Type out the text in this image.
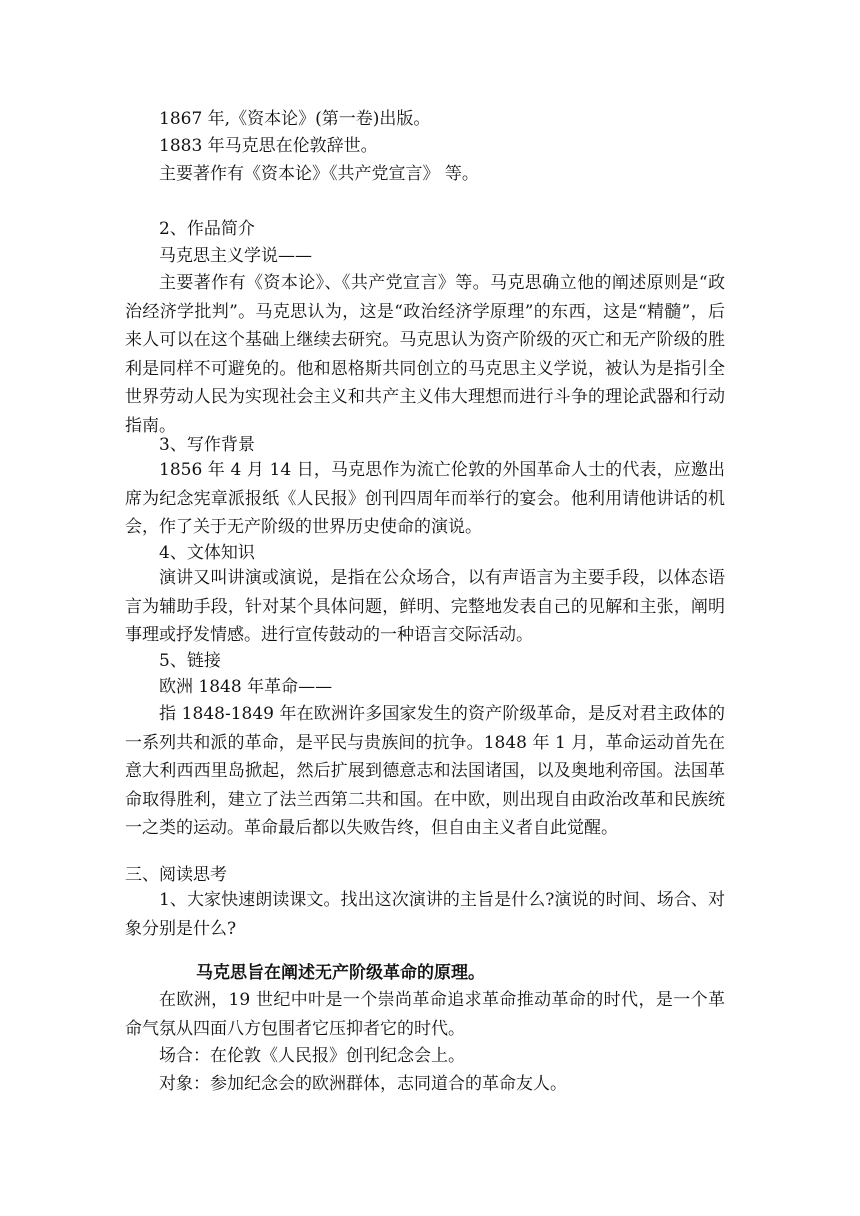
1867 年,《资本论》(第一卷)出版。
1883 年马克思在伦敦辞世。
主要著作有《资本论》《共产党宣言》 等。
2、作品简介
马克思主义学说——
主要著作有《资本论》、《共产党宣言》等。马克思确立他的阐述原则是“政治经济学批判”。马克思认为，这是“政治经济学原理”的东西，这是“精髓”，后来人可以在这个基础上继续去研究。马克思认为资产阶级的灭亡和无产阶级的胜利是同样不可避免的。他和恩格斯共同创立的马克思主义学说，被认为是指引全世界劳动人民为实现社会主义和共产主义伟大理想而进行斗争的理论武器和行动指南。
3、写作背景
1856 年 4 月 14 日，马克思作为流亡伦敦的外国革命人士的代表，应邀出席为纪念宪章派报纸《人民报》创刊四周年而举行的宴会。他利用请他讲话的机会，作了关于无产阶级的世界历史使命的演说。
4、文体知识
演讲又叫讲演或演说，是指在公众场合，以有声语言为主要手段，以体态语言为辅助手段，针对某个具体问题，鲜明、完整地发表自己的见解和主张，阐明事理或抒发情感。进行宣传鼓动的一种语言交际活动。
5、链接
欧洲 1848 年革命——
指 1848-1849 年在欧洲许多国家发生的资产阶级革命，是反对君主政体的一系列共和派的革命，是平民与贵族间的抗争。1848 年 1 月，革命运动首先在意大利西西里岛掀起，然后扩展到德意志和法国诸国，以及奥地利帝国。法国革命取得胜利，建立了法兰西第二共和国。在中欧，则出现自由政治改革和民族统一之类的运动。革命最后都以失败告终，但自由主义者自此觉醒。
三、阅读思考
1、大家快速朗读课文。找出这次演讲的主旨是什么?演说的时间、场合、对象分别是什么?
马克思旨在阐述无产阶级革命的原理。
在欧洲，19 世纪中叶是一个崇尚革命追求革命推动革命的时代，是一个革命气氛从四面八方包围者它压抑者它的时代。
场合：在伦敦《人民报》创刊纪念会上。
对象：参加纪念会的欧洲群体，志同道合的革命友人。
